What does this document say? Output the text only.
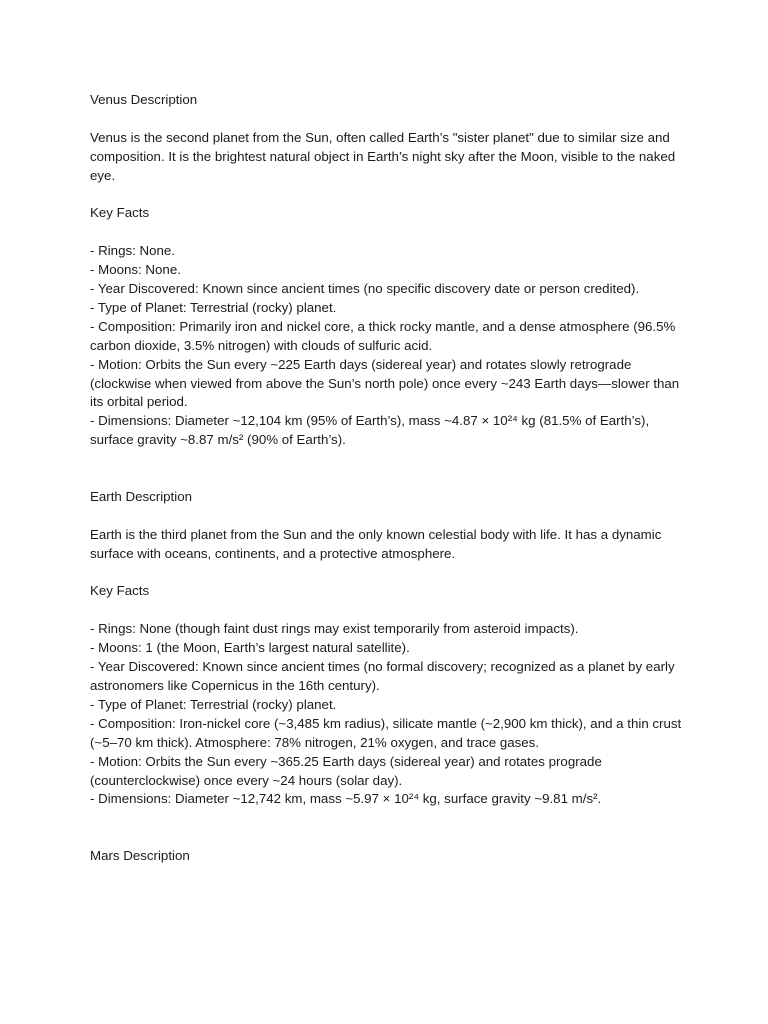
Venus Description

Venus is the second planet from the Sun, often called Earth’s "sister planet" due to similar size and composition. It is the brightest natural object in Earth’s night sky after the Moon, visible to the naked eye.

Key Facts

- Rings: None.

- Moons: None.

- Year Discovered: Known since ancient times (no specific discovery date or person credited).

- Type of Planet: Terrestrial (rocky) planet.

- Composition: Primarily iron and nickel core, a thick rocky mantle, and a dense atmosphere (96.5% carbon dioxide, 3.5% nitrogen) with clouds of sulfuric acid.

- Motion: Orbits the Sun every ~225 Earth days (sidereal year) and rotates slowly retrograde (clockwise when viewed from above the Sun’s north pole) once every ~243 Earth days—slower than its orbital period.

- Dimensions: Diameter ~12,104 km (95% of Earth’s), mass ~4.87 × 10²⁴ kg (81.5% of Earth’s), surface gravity ~8.87 m/s² (90% of Earth’s).

Earth Description

Earth is the third planet from the Sun and the only known celestial body with life. It has a dynamic surface with oceans, continents, and a protective atmosphere.

Key Facts

- Rings: None (though faint dust rings may exist temporarily from asteroid impacts).

- Moons: 1 (the Moon, Earth’s largest natural satellite).

- Year Discovered: Known since ancient times (no formal discovery; recognized as a planet by early astronomers like Copernicus in the 16th century).

- Type of Planet: Terrestrial (rocky) planet.

- Composition: Iron-nickel core (~3,485 km radius), silicate mantle (~2,900 km thick), and a thin crust (~5–70 km thick). Atmosphere: 78% nitrogen, 21% oxygen, and trace gases.

- Motion: Orbits the Sun every ~365.25 Earth days (sidereal year) and rotates prograde (counterclockwise) once every ~24 hours (solar day).

- Dimensions: Diameter ~12,742 km, mass ~5.97 × 10²⁴ kg, surface gravity ~9.81 m/s².

Mars Description
